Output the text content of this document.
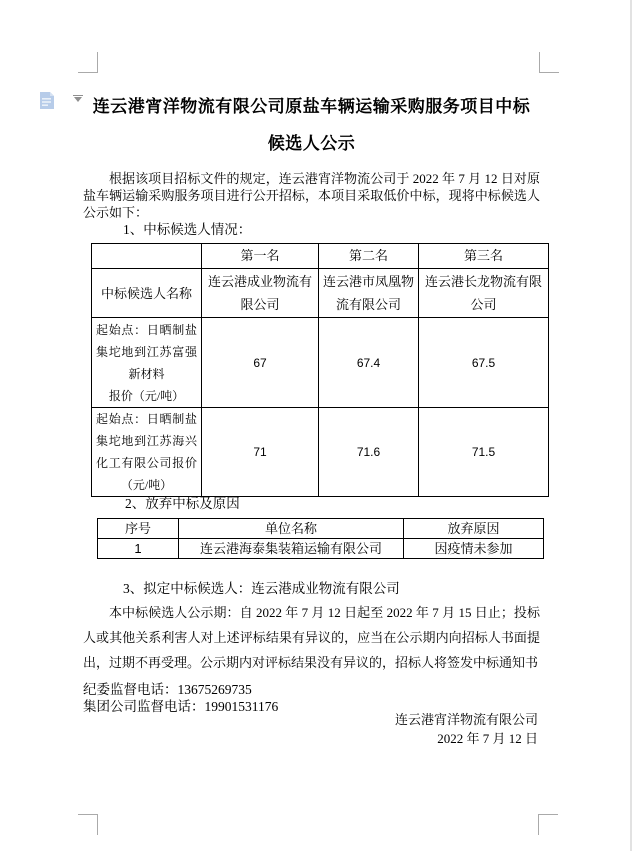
连云港宵洋物流有限公司原盐车辆运输采购服务项目中标
候选人公示
根据该项目招标文件的规定，连云港宵洋物流公司于 2022 年 7 月 12 日对原盐车辆运输采购服务项目进行公开招标，本项目采取低价中标，现将中标候选人公示如下：
1、中标候选人情况：
	第一名	第二名	第三名
中标候选人名称	连云港成业物流有限公司	连云港市凤凰物流有限公司	连云港长龙物流有限公司

起始点：日晒制盐集坨地到江苏富强新材料
报价（元/吨）	67	67.4	67.5

起始点：日晒制盐集坨地到江苏海兴化工有限公司报价（元/吨）	71	71.6	71.5
2、放弃中标及原因
序号	单位名称	放弃原因
1	连云港海泰集装箱运输有限公司	因疫情未参加
3、拟定中标候选人：连云港成业物流有限公司
本中标候选人公示期：自 2022 年 7 月 12 日起至 2022 年 7 月 15 日止；投标人或其他关系利害人对上述评标结果有异议的，应当在公示期内向招标人书面提出，过期不再受理。公示期内对评标结果没有异议的，招标人将签发中标通知书
纪委监督电话：13675269735
集团公司监督电话：19901531176
连云港宵洋物流有限公司
2022 年 7 月 12 日
